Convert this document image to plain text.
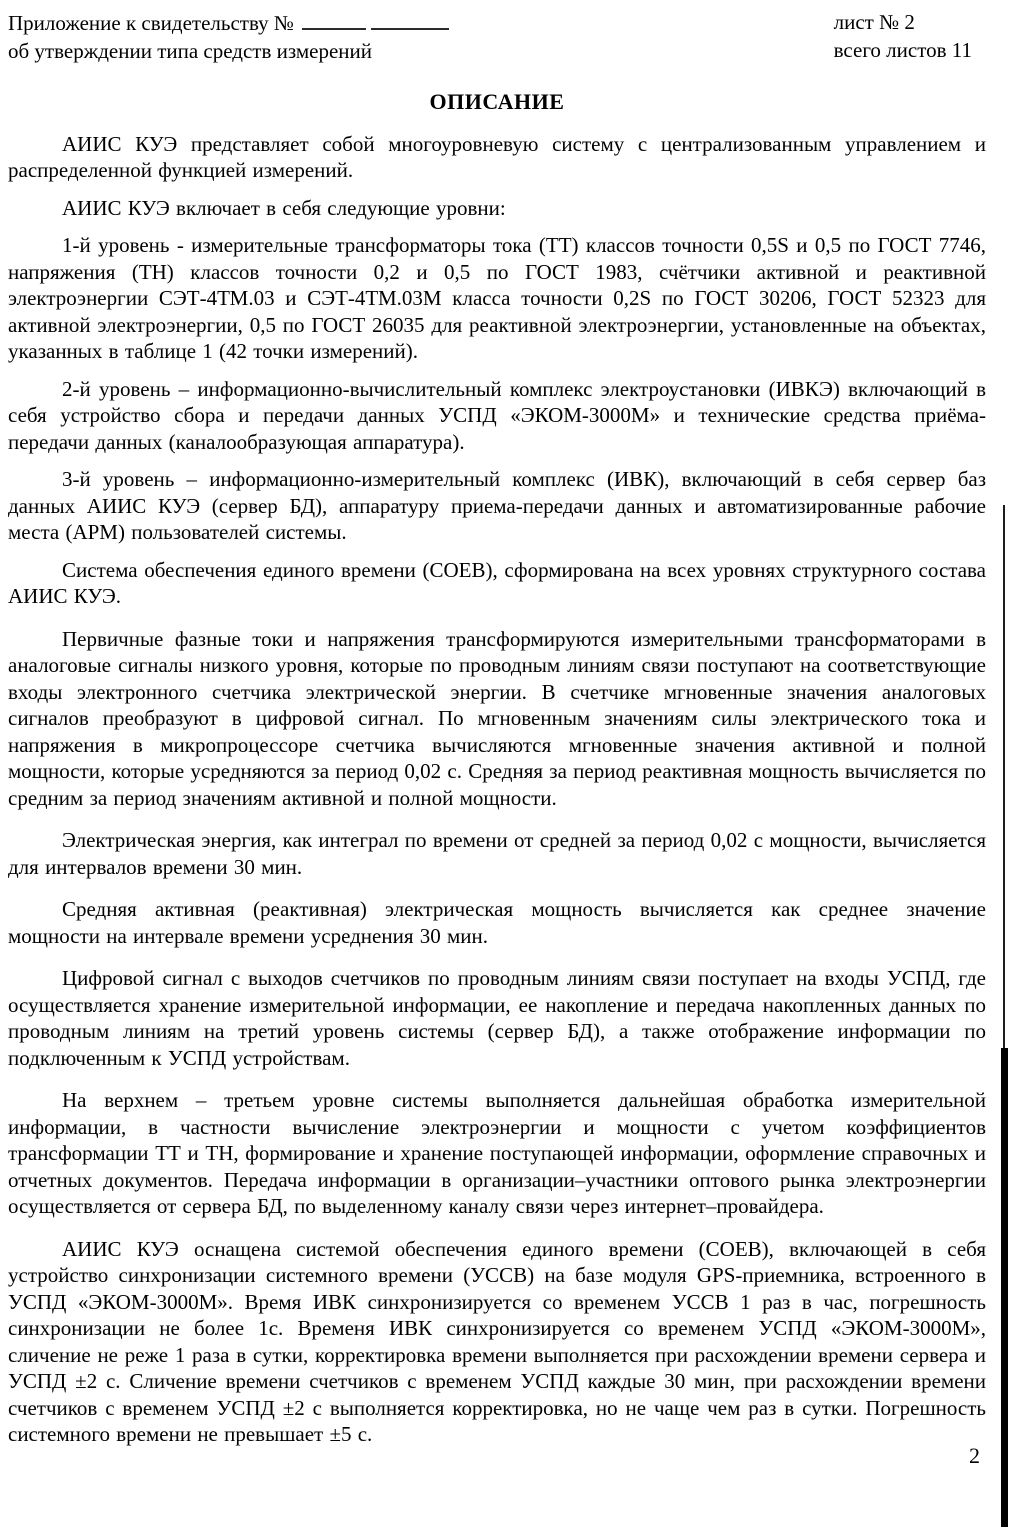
Приложение к свидетельству №
об утверждении типа средств измерений
лист № 2
всего листов 11
ОПИСАНИЕ

АИИС КУЭ представляет собой многоуровневую систему с централизованным управлением и распределенной функцией измерений.

АИИС КУЭ включает в себя следующие уровни:

1-й уровень - измерительные трансформаторы тока (ТТ) классов точности 0,5S и 0,5 по ГОСТ 7746, напряжения (ТН) классов точности 0,2 и 0,5 по ГОСТ 1983, счётчики активной и реактивной электроэнергии СЭТ-4ТМ.03 и СЭТ-4ТМ.03М класса точности 0,2S по ГОСТ 30206, ГОСТ 52323 для активной электроэнергии, 0,5 по ГОСТ 26035 для реактивной электроэнергии, установленные на объектах, указанных в таблице 1 (42 точки измерений).

2-й уровень – информационно-вычислительный комплекс электроустановки (ИВКЭ) включающий в себя устройство сбора и передачи данных УСПД «ЭКОМ-3000М» и технические средства приёма-передачи данных (каналообразующая аппаратура).

3-й уровень – информационно-измерительный комплекс (ИВК), включающий в себя сервер баз данных АИИС КУЭ (сервер БД), аппаратуру приема-передачи данных и автоматизированные рабочие места (АРМ) пользователей системы.

Система обеспечения единого времени (СОЕВ), сформирована на всех уровнях структурного состава АИИС КУЭ.

Первичные фазные токи и напряжения трансформируются измерительными трансформаторами в аналоговые сигналы низкого уровня, которые по проводным линиям связи поступают на соответствующие входы электронного счетчика электрической энергии. В счетчике мгновенные значения аналоговых сигналов преобразуют в цифровой сигнал. По мгновенным значениям силы электрического тока и напряжения в микропроцессоре счетчика вычисляются мгновенные значения активной и полной мощности, которые усредняются за период 0,02 с. Средняя за период реактивная мощность вычисляется по средним за период значениям активной и полной мощности.

Электрическая энергия, как интеграл по времени от средней за период 0,02 с мощности, вычисляется для интервалов времени 30 мин.

Средняя активная (реактивная) электрическая мощность вычисляется как среднее значение мощности на интервале времени усреднения 30 мин.

Цифровой сигнал с выходов счетчиков по проводным линиям связи поступает на входы УСПД, где осуществляется хранение измерительной информации, ее накопление и передача накопленных данных по проводным линиям на третий уровень системы (сервер БД), а также отображение информации по подключенным к УСПД устройствам.

На верхнем – третьем уровне системы выполняется дальнейшая обработка измерительной информации, в частности вычисление электроэнергии и мощности с учетом коэффициентов трансформации ТТ и ТН, формирование и хранение поступающей информации, оформление справочных и отчетных документов. Передача информации в организации–участники оптового рынка электроэнергии осуществляется от сервера БД, по выделенному каналу связи через интернет–провайдера.

АИИС КУЭ оснащена системой обеспечения единого времени (СОЕВ), включающей в себя устройство синхронизации системного времени (УССВ) на базе модуля GPS-приемника, встроенного в УСПД «ЭКОМ-3000М». Время ИВК синхронизируется со временем УССВ 1 раз в час, погрешность синхронизации не более 1с. Временя ИВК синхронизируется со временем УСПД «ЭКОМ-3000М», сличение не реже 1 раза в сутки, корректировка времени выполняется при расхождении времени сервера и УСПД ±2 с. Сличение времени счетчиков с временем УСПД каждые 30 мин, при расхождении времени счетчиков с временем УСПД ±2 с выполняется корректировка, но не чаще чем раз в сутки. Погрешность системного времени не превышает ±5 с.

2
